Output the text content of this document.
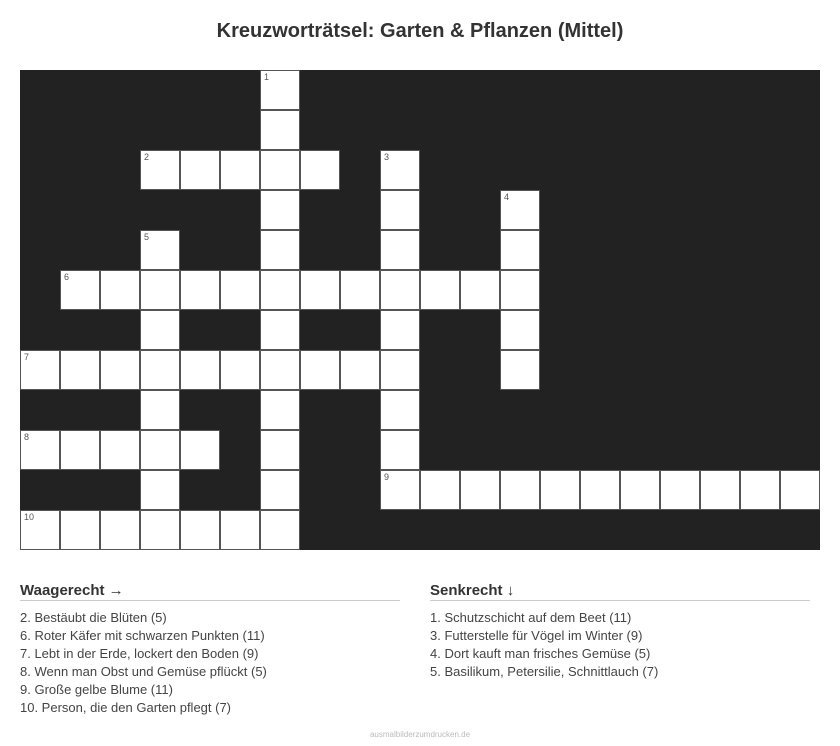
Kreuzworträtsel: Garten & Pflanzen (Mittel)
1
2	3
9
4
5
6
7
8
10
Waagerecht →
2. Bestäubt die Blüten (5)
6. Roter Käfer mit schwarzen Punkten (11)
7. Lebt in der Erde, lockert den Boden (9)
8. Wenn man Obst und Gemüse pflückt (5)
9. Große gelbe Blume (11)
10. Person, die den Garten pflegt (7)
Senkrecht ↓
1. Schutzschicht auf dem Beet (11)
3. Futterstelle für Vögel im Winter (9)
4. Dort kauft man frisches Gemüse (5)
5. Basilikum, Petersilie, Schnittlauch (7)
ausmalbilderzumdrucken.de
